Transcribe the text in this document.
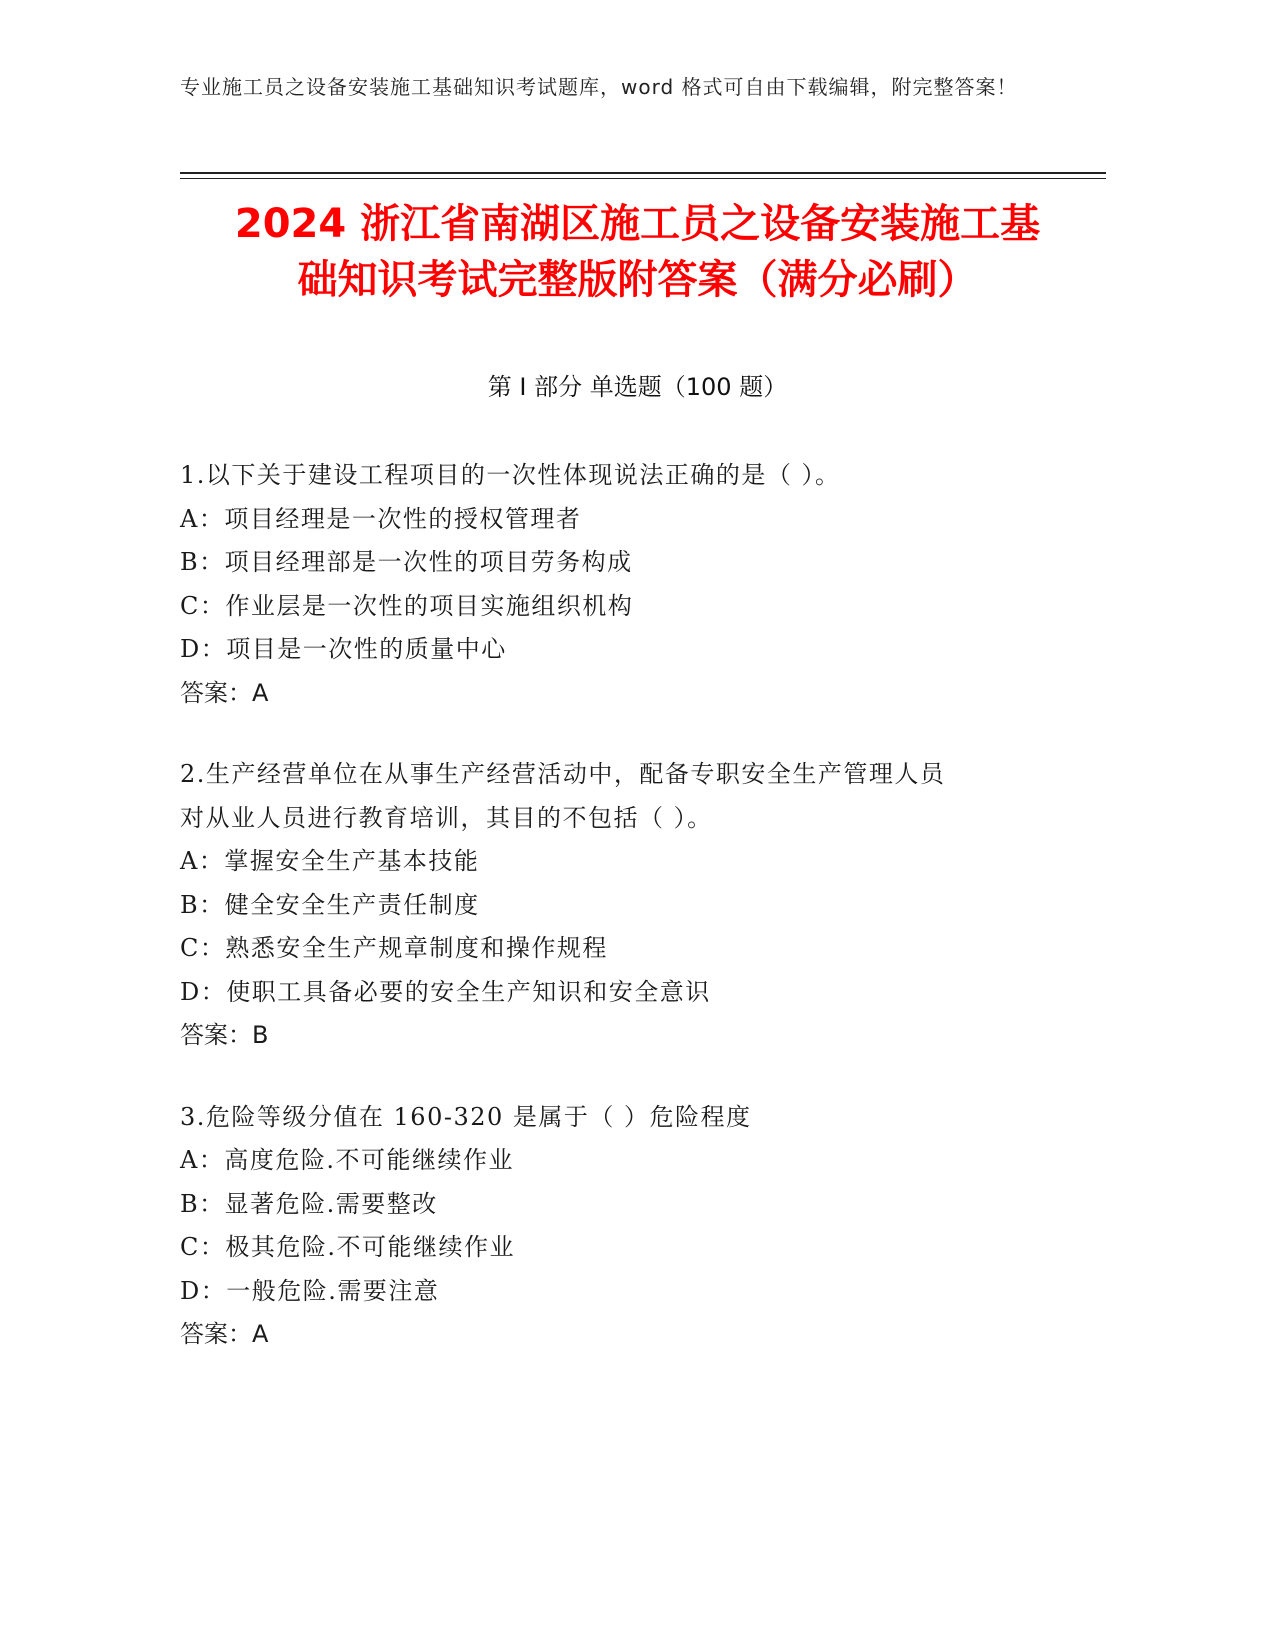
专业施工员之设备安装施工基础知识考试题库，word 格式可自由下载编辑，附完整答案！
2024 浙江省南湖区施工员之设备安装施工基
础知识考试完整版附答案（满分必刷）
第 I 部分 单选题（100 题）
1.以下关于建设工程项目的一次性体现说法正确的是（ ）。
A：项目经理是一次性的授权管理者
B：项目经理部是一次性的项目劳务构成
C：作业层是一次性的项目实施组织机构
D：项目是一次性的质量中心
答案：A
2.生产经营单位在从事生产经营活动中，配备专职安全生产管理人员
对从业人员进行教育培训，其目的不包括（ ）。
A：掌握安全生产基本技能
B：健全安全生产责任制度
C：熟悉安全生产规章制度和操作规程
D：使职工具备必要的安全生产知识和安全意识
答案：B
3.危险等级分值在 160-320 是属于（ ）危险程度
A：高度危险.不可能继续作业
B：显著危险.需要整改
C：极其危险.不可能继续作业
D：一般危险.需要注意
答案：A
